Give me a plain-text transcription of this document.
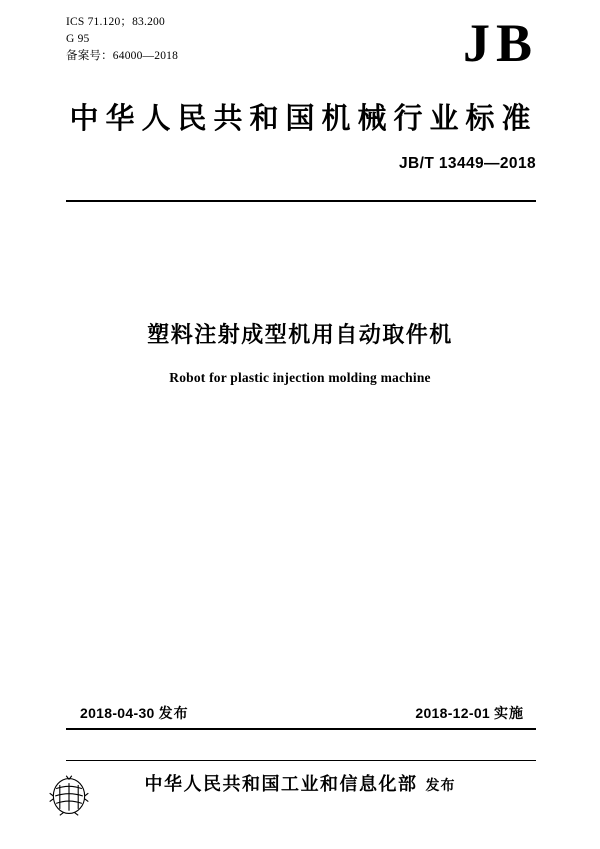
ICS 71.120；83.200
G 95
备案号：64000—2018	JB
中华人民共和国机械行业标准
JB/T 13449—2018
塑料注射成型机用自动取件机
Robot for plastic injection molding machine
2018-04-30 发布	2018-12-01 实施
中华人民共和国工业和信息化部 发布
